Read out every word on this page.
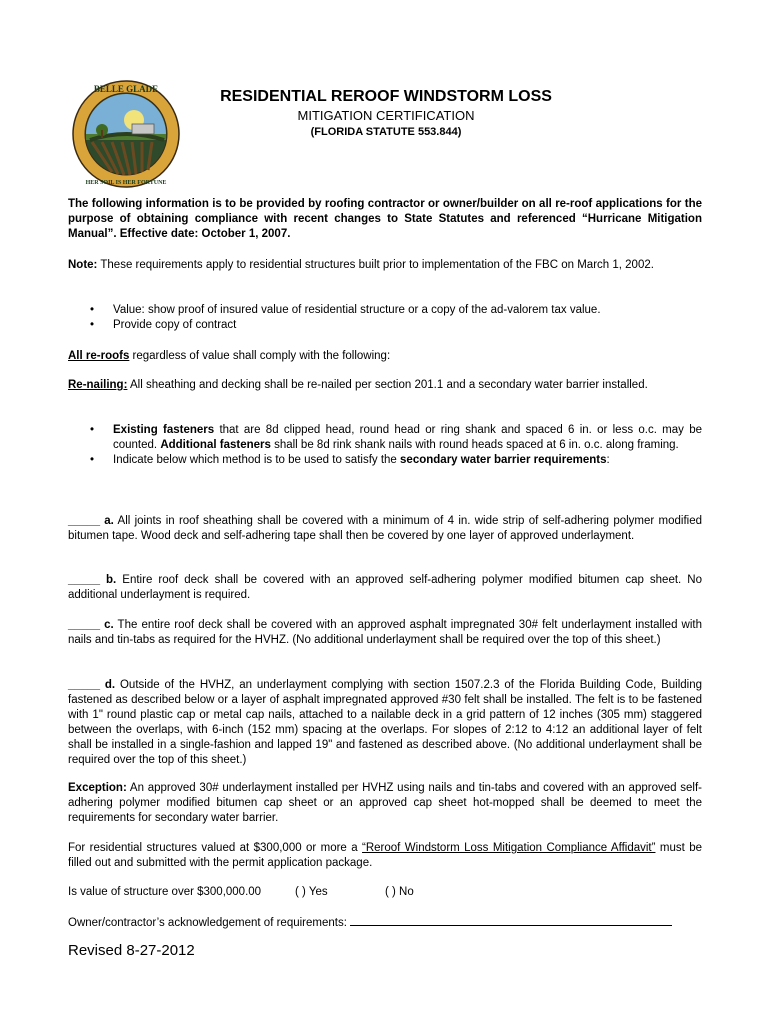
BELLE GLADE
HER SOIL IS HER FORTUNE
RESIDENTIAL REROOF WINDSTORM LOSS
MITIGATION CERTIFICATION
(FLORIDA STATUTE 553.844)
The following information is to be provided by roofing contractor or owner/builder on all re-roof applications for the purpose of obtaining compliance with recent changes to State Statutes and referenced “Hurricane Mitigation Manual”. Effective date: October 1, 2007.
Note: These requirements apply to residential structures built prior to implementation of the FBC on March 1, 2002.
• Value: show proof of insured value of residential structure or a copy of the ad-valorem tax value.
• Provide copy of contract
All re-roofs regardless of value shall comply with the following:
Re-nailing: All sheathing and decking shall be re-nailed per section 201.1 and a secondary water barrier installed.
• Existing fasteners that are 8d clipped head, round head or ring shank and spaced 6 in. or less o.c. may be counted. Additional fasteners shall be 8d rink shank nails with round heads spaced at 6 in. o.c. along framing.
• Indicate below which method is to be used to satisfy the secondary water barrier requirements:
_____ a. All joints in roof sheathing shall be covered with a minimum of 4 in. wide strip of self-adhering polymer modified bitumen tape. Wood deck and self-adhering tape shall then be covered by one layer of approved underlayment.
_____ b. Entire roof deck shall be covered with an approved self-adhering polymer modified bitumen cap sheet. No additional underlayment is required.
_____ c. The entire roof deck shall be covered with an approved asphalt impregnated 30# felt underlayment installed with nails and tin-tabs as required for the HVHZ. (No additional underlayment shall be required over the top of this sheet.)
_____ d. Outside of the HVHZ, an underlayment complying with section 1507.2.3 of the Florida Building Code, Building fastened as described below or a layer of asphalt impregnated approved #30 felt shall be installed. The felt is to be fastened with 1" round plastic cap or metal cap nails, attached to a nailable deck in a grid pattern of 12 inches (305 mm) staggered between the overlaps, with 6-inch (152 mm) spacing at the overlaps. For slopes of 2:12 to 4:12 an additional layer of felt shall be installed in a single-fashion and lapped 19" and fastened as described above. (No additional underlayment shall be required over the top of this sheet.)
Exception: An approved 30# underlayment installed per HVHZ using nails and tin-tabs and covered with an approved self-adhering polymer modified bitumen cap sheet or an approved cap sheet hot-mopped shall be deemed to meet the requirements for secondary water barrier.
For residential structures valued at $300,000 or more a “Reroof Windstorm Loss Mitigation Compliance Affidavit” must be filled out and submitted with the permit application package.
Is value of structure over $300,000.00	( ) Yes	( ) No
Owner/contractor’s acknowledgement of requirements:
Revised 8-27-2012
